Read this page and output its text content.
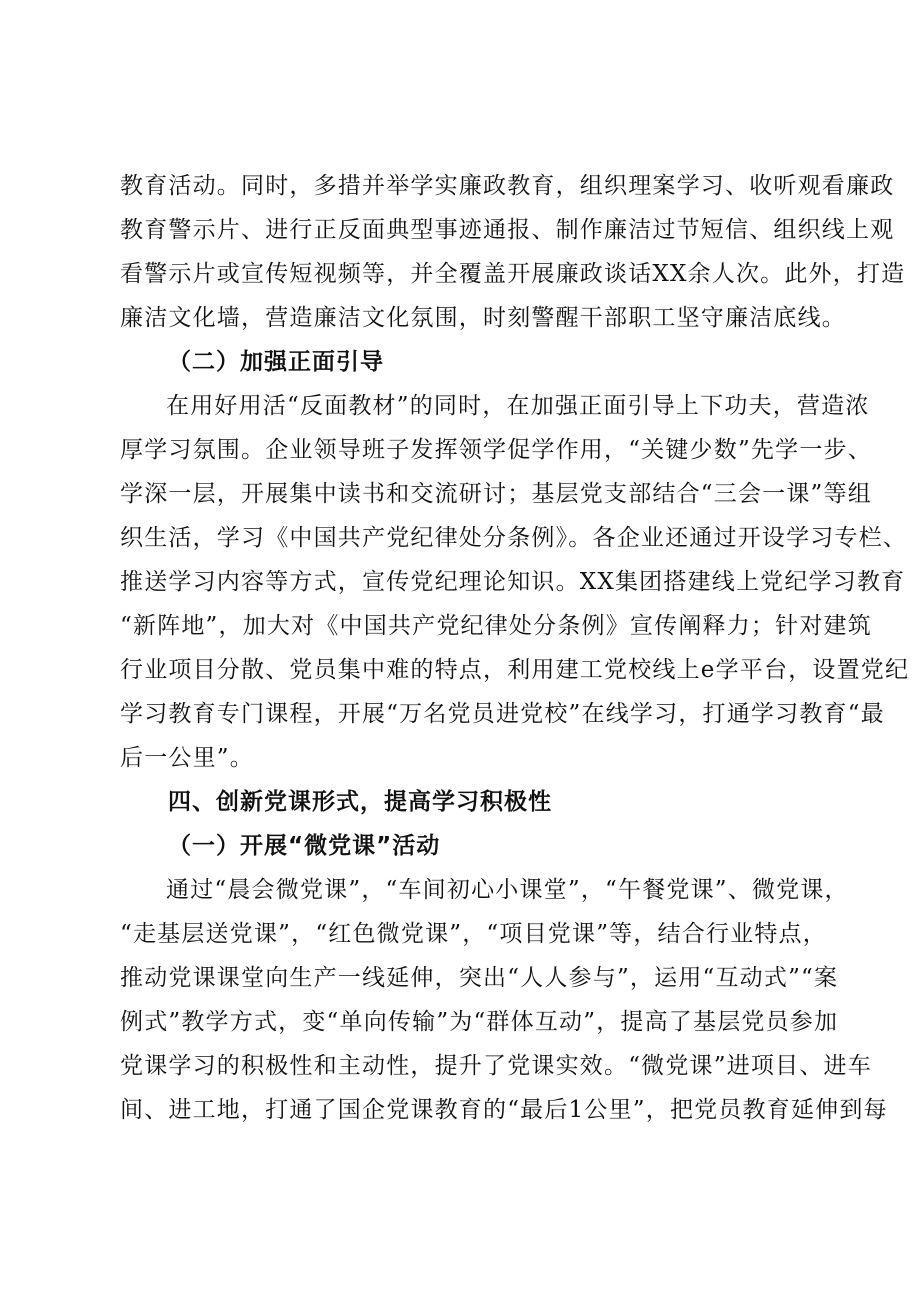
教育活动。同时，多措并举学实廉政教育，组织理案学习、收听观看廉政
教育警示片、进行正反面典型事迹通报、制作廉洁过节短信、组织线上观
看警示片或宣传短视频等，并全覆盖开展廉政谈话XX余人次。此外，打造
廉洁文化墙，营造廉洁文化氛围，时刻警醒干部职工坚守廉洁底线。
（二）加强正面引导
在用好用活“反面教材”的同时，在加强正面引导上下功夫，营造浓
厚学习氛围。企业领导班子发挥领学促学作用，“关键少数”先学一步、
学深一层，开展集中读书和交流研讨；基层党支部结合“三会一课”等组
织生活，学习《中国共产党纪律处分条例》。各企业还通过开设学习专栏、
推送学习内容等方式，宣传党纪理论知识。XX集团搭建线上党纪学习教育
“新阵地”，加大对《中国共产党纪律处分条例》宣传阐释力；针对建筑
行业项目分散、党员集中难的特点，利用建工党校线上e学平台，设置党纪
学习教育专门课程，开展“万名党员进党校”在线学习，打通学习教育“最
后一公里”。
四、创新党课形式，提高学习积极性
（一）开展“微党课”活动
通过“晨会微党课”，“车间初心小课堂”，“午餐党课”、微党课，
“走基层送党课”，“红色微党课”，“项目党课”等，结合行业特点，
推动党课课堂向生产一线延伸，突出“人人参与”，运用“互动式”“案
例式”教学方式，变“单向传输”为“群体互动”，提高了基层党员参加
党课学习的积极性和主动性，提升了党课实效。“微党课”进项目、进车
间、进工地，打通了国企党课教育的“最后1公里”，把党员教育延伸到每
